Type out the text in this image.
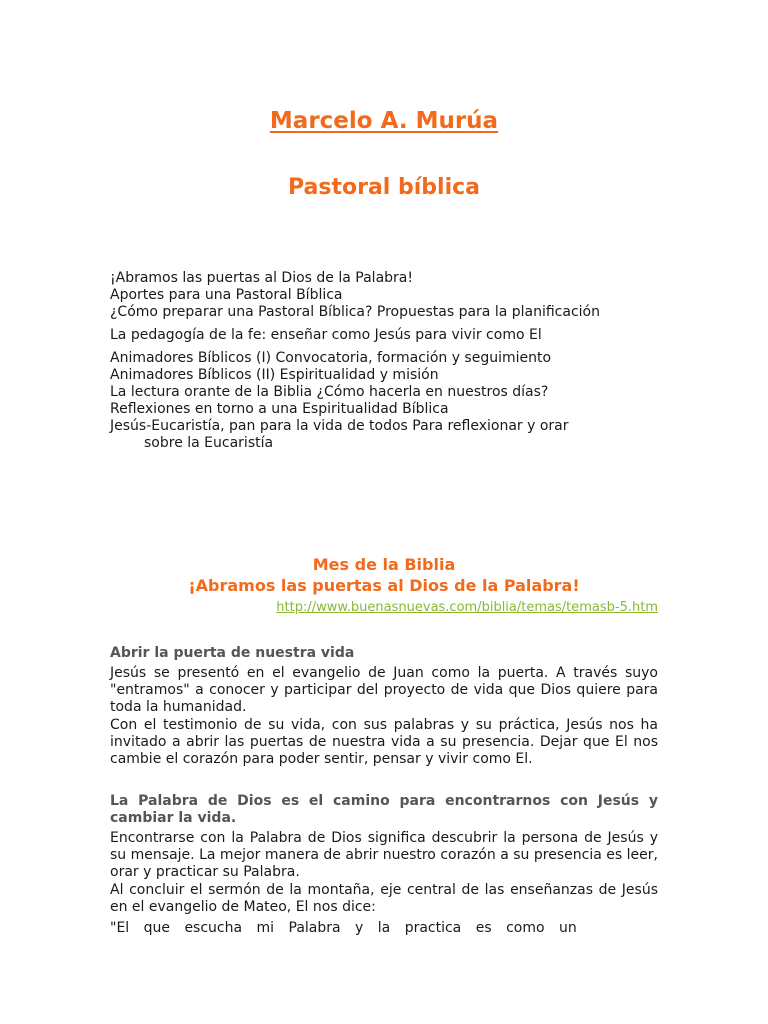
Marcelo A. Murúa
Pastoral bíblica
¡Abramos las puertas al Dios de la Palabra!
Aportes para una Pastoral Bíblica
¿Cómo preparar una Pastoral Bíblica? Propuestas para la planificación
La pedagogía de la fe: enseñar como Jesús para vivir como El
Animadores Bíblicos (I) Convocatoria, formación y seguimiento
Animadores Bíblicos (II) Espiritualidad y misión
La lectura orante de la Biblia ¿Cómo hacerla en nuestros días?
Reflexiones en torno a una Espiritualidad Bíblica
Jesús-Eucaristía, pan para la vida de todos Para reflexionar y orar
sobre la Eucaristía
Mes de la Biblia
¡Abramos las puertas al Dios de la Palabra!
http://www.buenasnuevas.com/biblia/temas/temasb-5.htm
Abrir la puerta de nuestra vida
Jesús se presentó en el evangelio de Juan como la puerta. A través suyo "entramos" a conocer y participar del proyecto de vida que Dios quiere para toda la humanidad.
Con el testimonio de su vida, con sus palabras y su práctica, Jesús nos ha invitado a abrir las puertas de nuestra vida a su presencia. Dejar que El nos cambie el corazón para poder sentir, pensar y vivir como El.
La Palabra de Dios es el camino para encontrarnos con Jesús y cambiar la vida.
Encontrarse con la Palabra de Dios significa descubrir la persona de Jesús y su mensaje. La mejor manera de abrir nuestro corazón a su presencia es leer, orar y practicar su Palabra.
Al concluir el sermón de la montaña, eje central de las enseñanzas de Jesús en el evangelio de Mateo, El nos dice:
"El que escucha mi Palabra y la practica es como un
